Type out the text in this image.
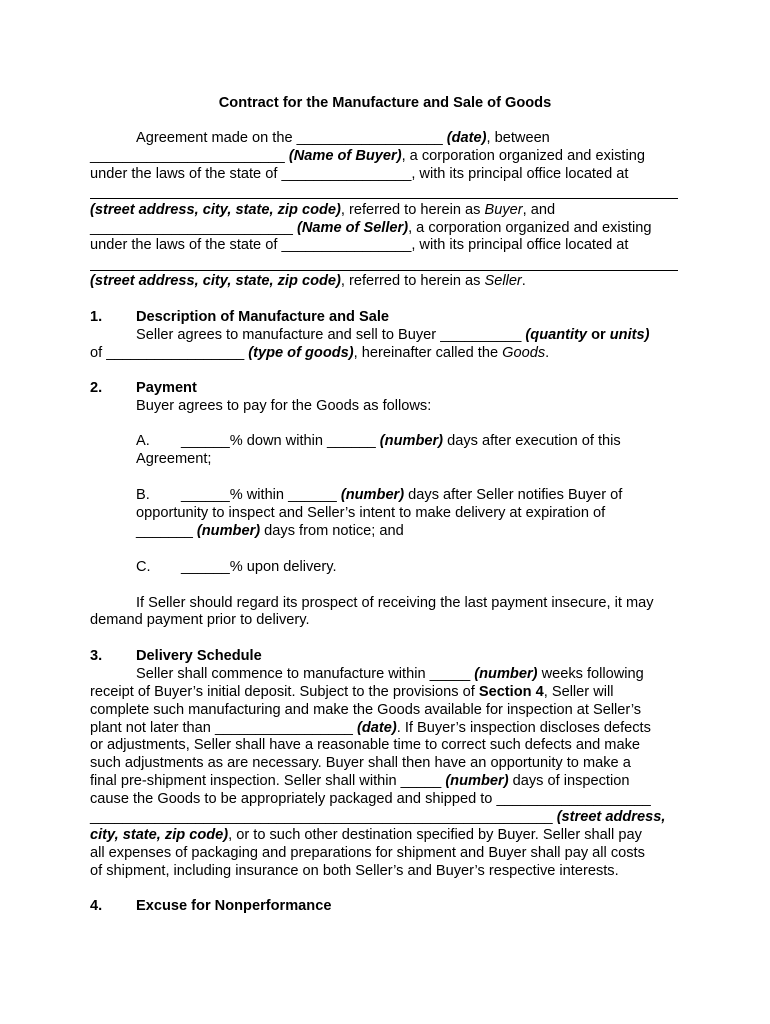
Contract for the Manufacture and Sale of Goods
Agreement made on the __________________ (date), between
________________________ (Name of Buyer), a corporation organized and existing
under the laws of the state of ________________, with its principal office located at
(street address, city, state, zip code), referred to herein as Buyer, and
_________________________ (Name of Seller), a corporation organized and existing
under the laws of the state of ________________, with its principal office located at
(street address, city, state, zip code), referred to herein as Seller.
1. Description of Manufacture and Sale
Seller agrees to manufacture and sell to Buyer __________ (quantity or units)
of _________________ (type of goods), hereinafter called the Goods.
2. Payment
Buyer agrees to pay for the Goods as follows:
A. ______% down within ______ (number) days after execution of this
Agreement;
B. ______% within ______ (number) days after Seller notifies Buyer of
opportunity to inspect and Seller’s intent to make delivery at expiration of
_______ (number) days from notice; and
C. ______% upon delivery.
If Seller should regard its prospect of receiving the last payment insecure, it may
demand payment prior to delivery.
3. Delivery Schedule
Seller shall commence to manufacture within _____ (number) weeks following
receipt of Buyer’s initial deposit. Subject to the provisions of Section 4, Seller will
complete such manufacturing and make the Goods available for inspection at Seller’s
plant not later than _________________ (date). If Buyer’s inspection discloses defects
or adjustments, Seller shall have a reasonable time to correct such defects and make
such adjustments as are necessary. Buyer shall then have an opportunity to make a
final pre-shipment inspection. Seller shall within _____ (number) days of inspection
cause the Goods to be appropriately packaged and shipped to ___________________
_________________________________________________________ (street address,
city, state, zip code), or to such other destination specified by Buyer. Seller shall pay
all expenses of packaging and preparations for shipment and Buyer shall pay all costs
of shipment, including insurance on both Seller’s and Buyer’s respective interests.
4. Excuse for Nonperformance
